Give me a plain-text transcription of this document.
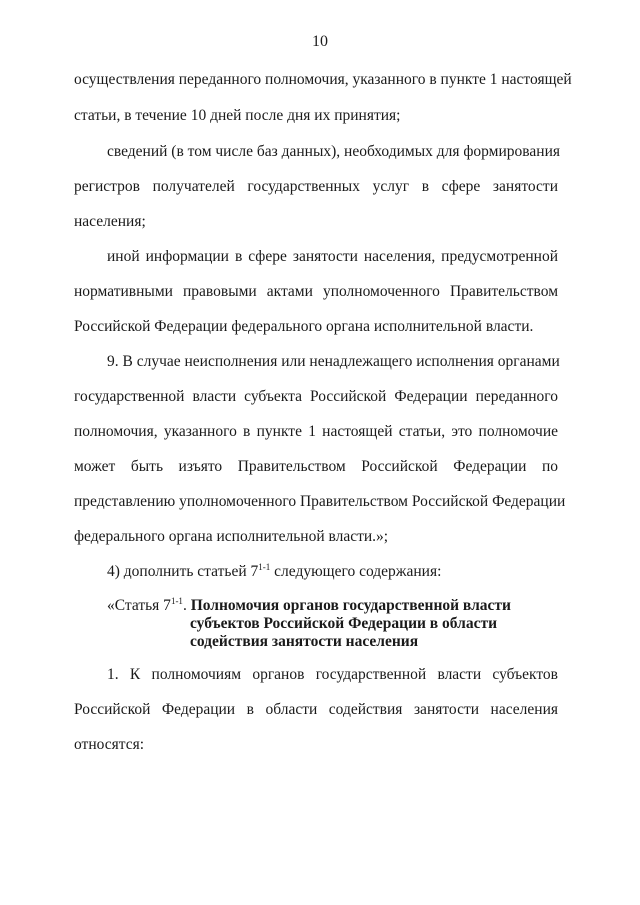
10
осуществления переданного полномочия, указанного в пункте 1 настоящей
статьи, в течение 10 дней после дня их принятия;
сведений (в том числе баз данных), необходимых для формирования
регистров получателей государственных услуг в сфере занятости
населения;
иной информации в сфере занятости населения, предусмотренной
нормативными правовыми актами уполномоченного Правительством
Российской Федерации федерального органа исполнительной власти.
9. В случае неисполнения или ненадлежащего исполнения органами
государственной власти субъекта Российской Федерации переданного
полномочия, указанного в пункте 1 настоящей статьи, это полномочие
может быть изъято Правительством Российской Федерации по
представлению уполномоченного Правительством Российской Федерации
федерального органа исполнительной власти.»;
4) дополнить статьей 7$^{1-1}$ следующего содержания:
«Статья 7$^{1-1}$. Полномочия органов государственной власти
субъектов Российской Федерации в области
содействия занятости населения
1. К полномочиям органов государственной власти субъектов
Российской Федерации в области содействия занятости населения
относятся:
